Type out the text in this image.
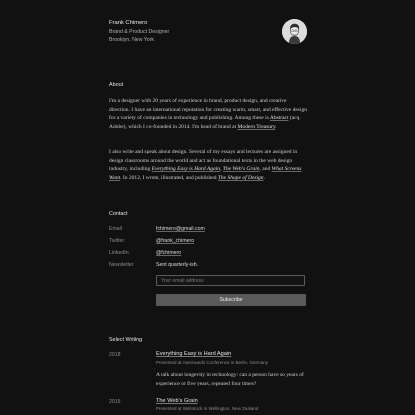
Frank Chimero
Brand & Product Designer
Brooklyn, New York
About
I'm a designer with 20 years of experience in brand, product design, and creative direction. I have an international reputation for creating warm, smart, and effective design for a variety of companies in technology and publishing. Among these is Abstract (acq. Adobe), which I co-founded in 2014. I'm head of brand at Modern Treasury.
I also write and speak about design. Several of my essays and lectures are assigned in design classrooms around the world and act as foundational texts in the web design industry, including Everything Easy is Hard Again, The Web's Grain, and What Screens Want. In 2012, I wrote, illustrated, and published The Shape of Design.
Contact
Email	fchimero@gmail.com
Twitter	@frank_chimero
LinkedIn	@fchimero
Newsletter	Sent quarterly-ish.
Your email address
Subscribe
Select Writing
2018	Everything Easy is Hard Again
Presented at Aarenweds Conference in Berlin, Germany
A talk about longevity in technology: can a person have so years of experience or five years, repeated four times?
2015	The Web's Grain
Presented at Webstock in Wellington, New Zealand
